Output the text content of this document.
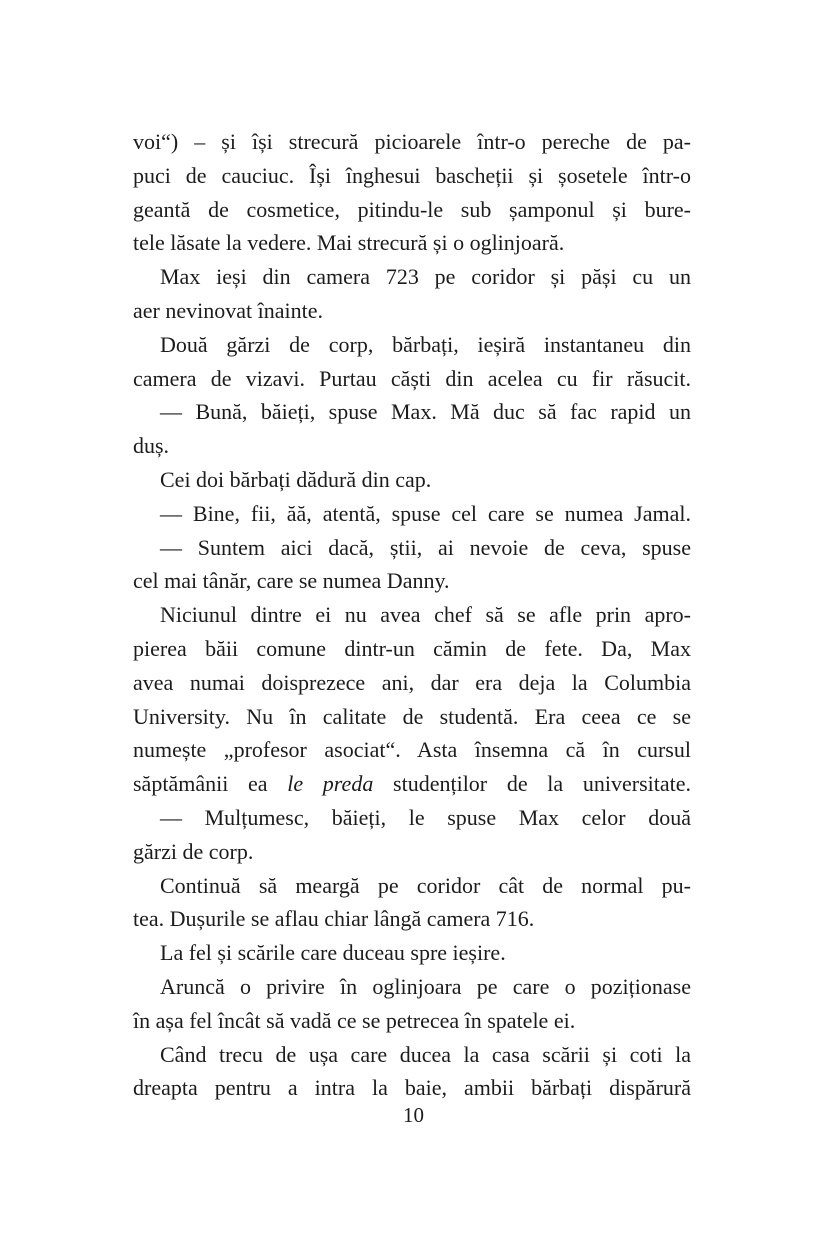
voi“) – și își strecură picioarele într-o pereche de pa-
puci de cauciuc. Își înghesui bascheții și șosetele într-o
geantă de cosmetice, pitindu-le sub șamponul și bure-
tele lăsate la vedere. Mai strecură și o oglinjoară.
Max ieși din camera 723 pe coridor și păși cu un
aer nevinovat înainte.
Două gărzi de corp, bărbați, ieșiră instantaneu din
camera de vizavi. Purtau căști din acelea cu fir răsucit.
— Bună, băieți, spuse Max. Mă duc să fac rapid un
duș.
Cei doi bărbați dădură din cap.
— Bine, fii, ăă, atentă, spuse cel care se numea Jamal.
— Suntem aici dacă, știi, ai nevoie de ceva, spuse
cel mai tânăr, care se numea Danny.
Niciunul dintre ei nu avea chef să se afle prin apro-
pierea băii comune dintr-un cămin de fete. Da, Max
avea numai doisprezece ani, dar era deja la Columbia
University. Nu în calitate de studentă. Era ceea ce se
numește „profesor asociat“. Asta însemna că în cursul
săptămânii ea le preda studenților de la universitate.
— Mulțumesc, băieți, le spuse Max celor două
gărzi de corp.
Continuă să meargă pe coridor cât de normal pu-
tea. Dușurile se aflau chiar lângă camera 716.
La fel și scările care duceau spre ieșire.
Aruncă o privire în oglinjoara pe care o poziționase
în așa fel încât să vadă ce se petrecea în spatele ei.
Când trecu de ușa care ducea la casa scării și coti la
dreapta pentru a intra la baie, ambii bărbați dispărură
10
